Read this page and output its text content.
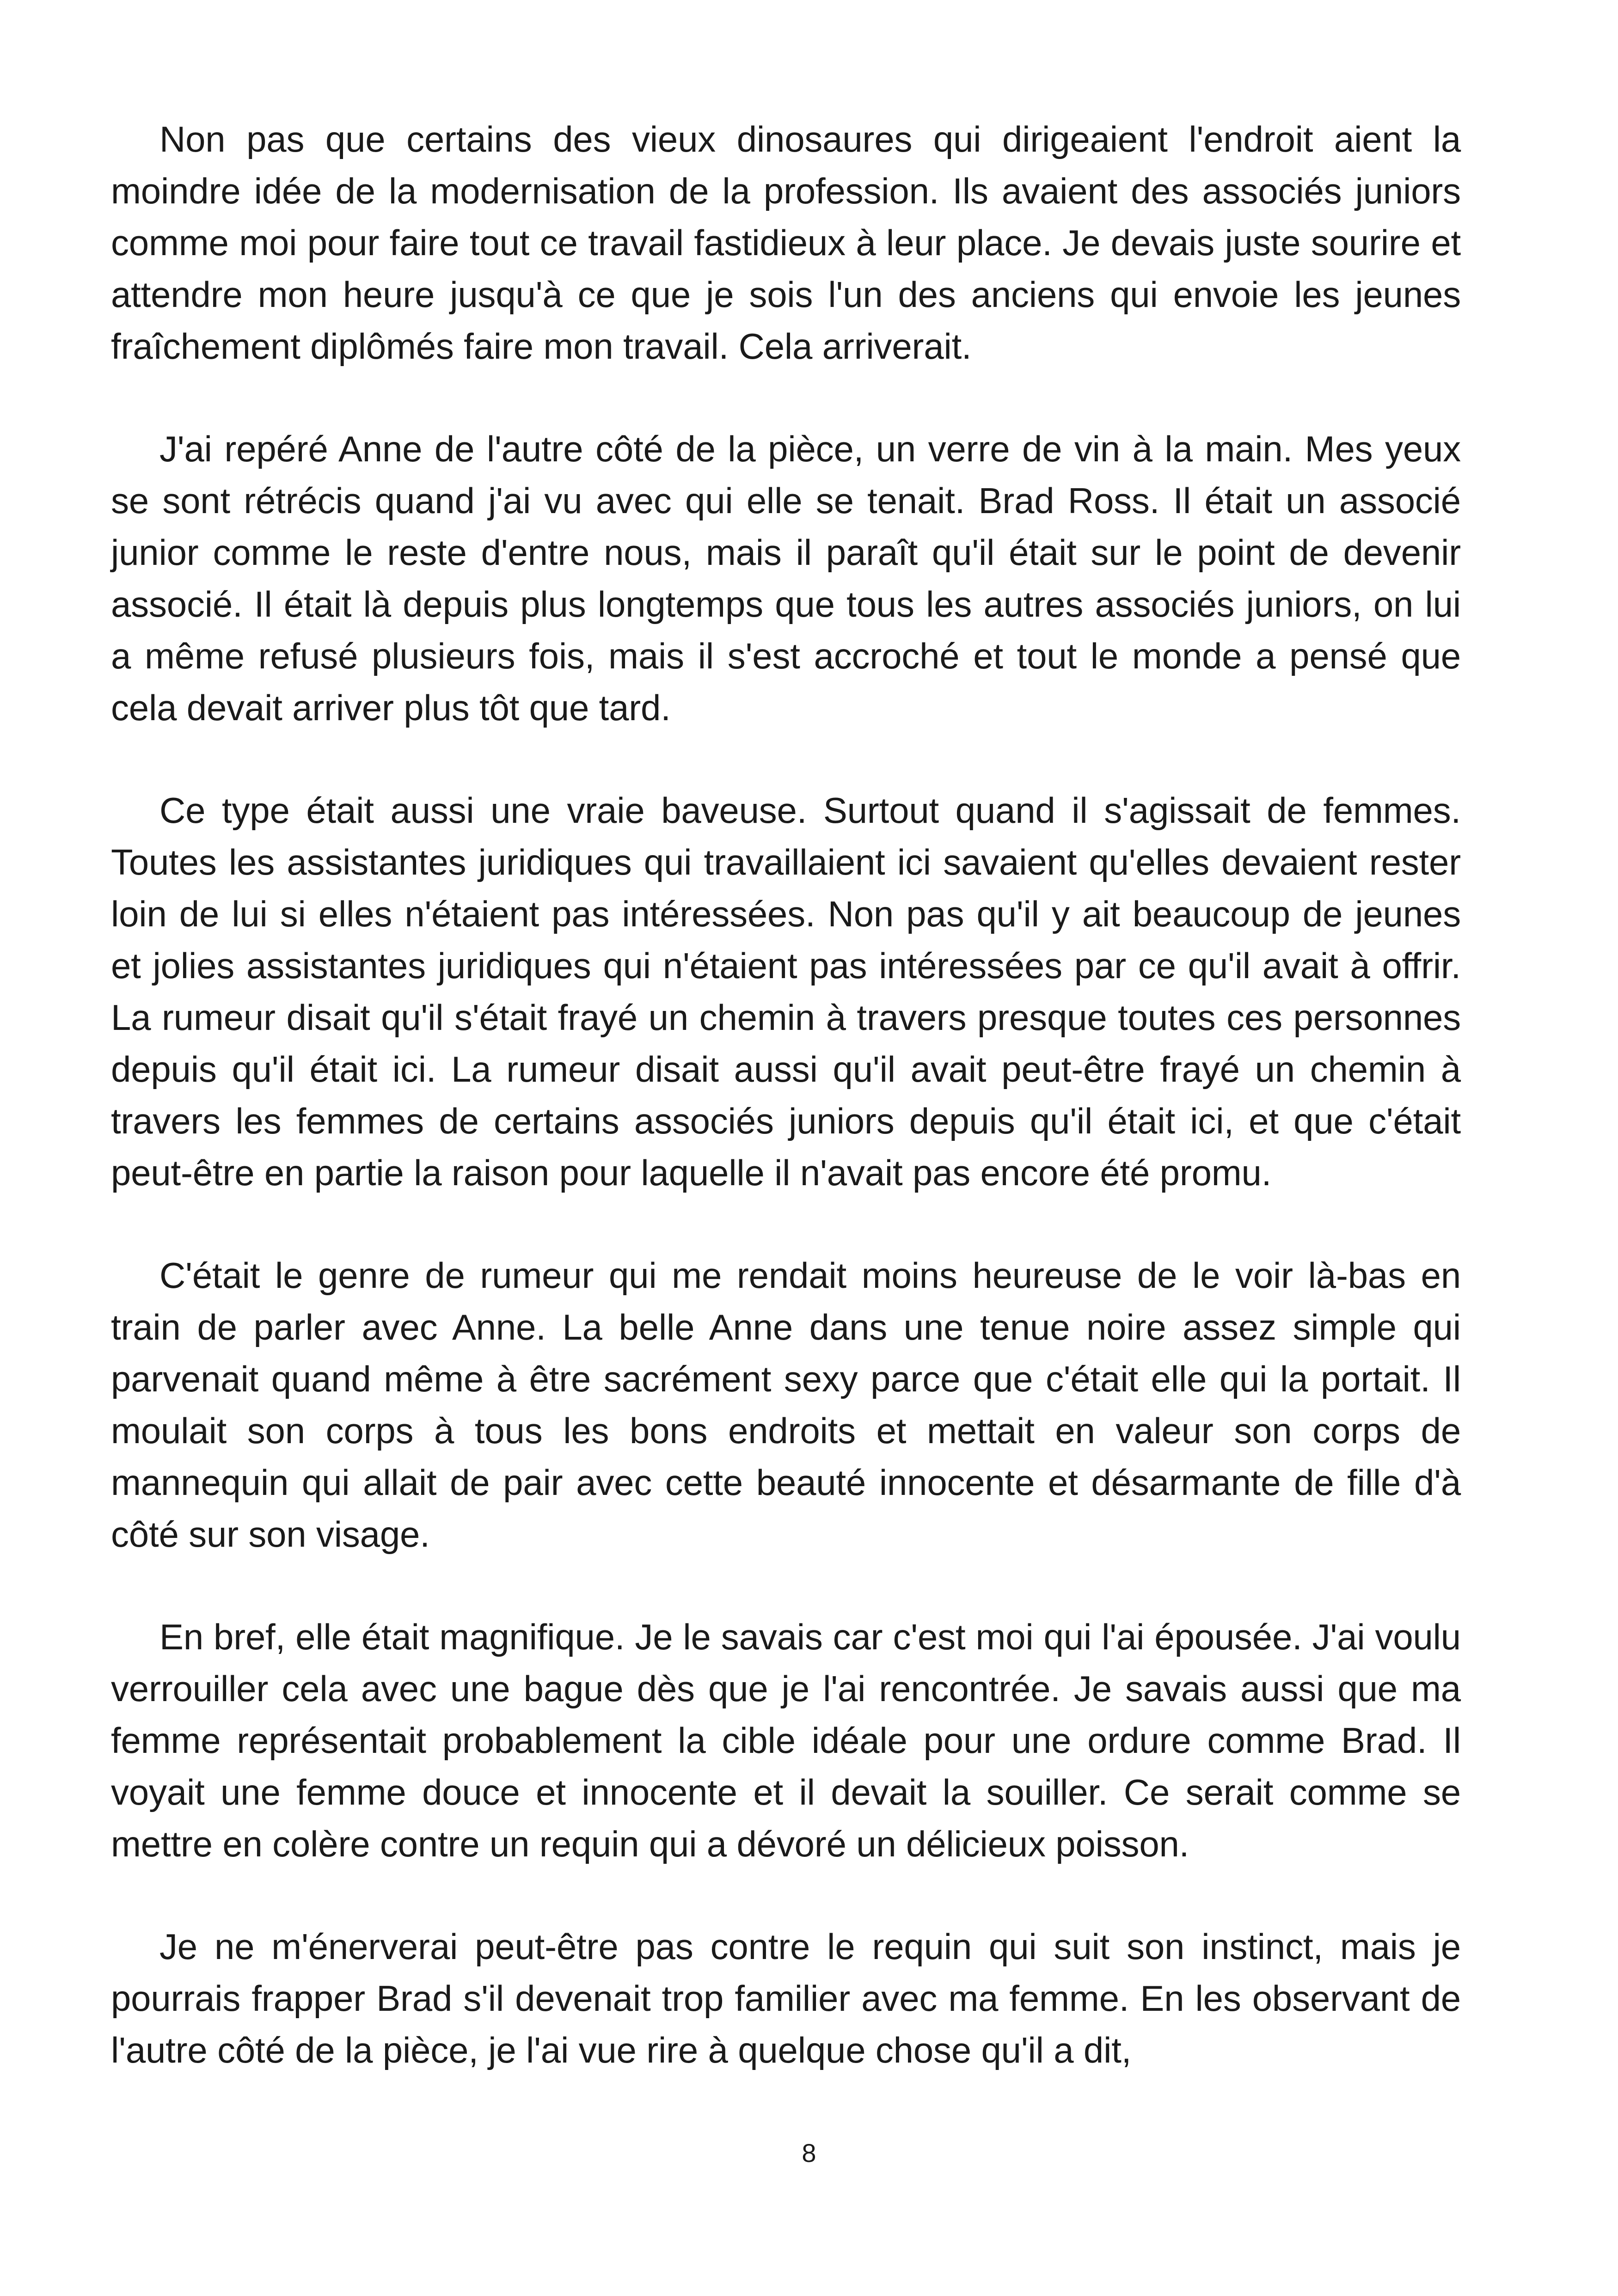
Non pas que certains des vieux dinosaures qui dirigeaient l'endroit aient la moindre idée de la modernisation de la profession. Ils avaient des associés juniors comme moi pour faire tout ce travail fastidieux à leur place. Je devais juste sourire et attendre mon heure jusqu'à ce que je sois l'un des anciens qui envoie les jeunes fraîchement diplômés faire mon travail. Cela arriverait.

J'ai repéré Anne de l'autre côté de la pièce, un verre de vin à la main. Mes yeux se sont rétrécis quand j'ai vu avec qui elle se tenait. Brad Ross. Il était un associé junior comme le reste d'entre nous, mais il paraît qu'il était sur le point de devenir associé. Il était là depuis plus longtemps que tous les autres associés juniors, on lui a même refusé plusieurs fois, mais il s'est accroché et tout le monde a pensé que cela devait arriver plus tôt que tard.

Ce type était aussi une vraie baveuse. Surtout quand il s'agissait de femmes. Toutes les assistantes juridiques qui travaillaient ici savaient qu'elles devaient rester loin de lui si elles n'étaient pas intéressées. Non pas qu'il y ait beaucoup de jeunes et jolies assistantes juridiques qui n'étaient pas intéressées par ce qu'il avait à offrir. La rumeur disait qu'il s'était frayé un chemin à travers presque toutes ces personnes depuis qu'il était ici. La rumeur disait aussi qu'il avait peut-être frayé un chemin à travers les femmes de certains associés juniors depuis qu'il était ici, et que c'était peut-être en partie la raison pour laquelle il n'avait pas encore été promu.

C'était le genre de rumeur qui me rendait moins heureuse de le voir là-bas en train de parler avec Anne. La belle Anne dans une tenue noire assez simple qui parvenait quand même à être sacrément sexy parce que c'était elle qui la portait. Il moulait son corps à tous les bons endroits et mettait en valeur son corps de mannequin qui allait de pair avec cette beauté innocente et désarmante de fille d'à côté sur son visage.

En bref, elle était magnifique. Je le savais car c'est moi qui l'ai épousée. J'ai voulu verrouiller cela avec une bague dès que je l'ai rencontrée. Je savais aussi que ma femme représentait probablement la cible idéale pour une ordure comme Brad. Il voyait une femme douce et innocente et il devait la souiller. Ce serait comme se mettre en colère contre un requin qui a dévoré un délicieux poisson.

Je ne m'énerverai peut-être pas contre le requin qui suit son instinct, mais je pourrais frapper Brad s'il devenait trop familier avec ma femme. En les observant de l'autre côté de la pièce, je l'ai vue rire à quelque chose qu'il a dit,

8
